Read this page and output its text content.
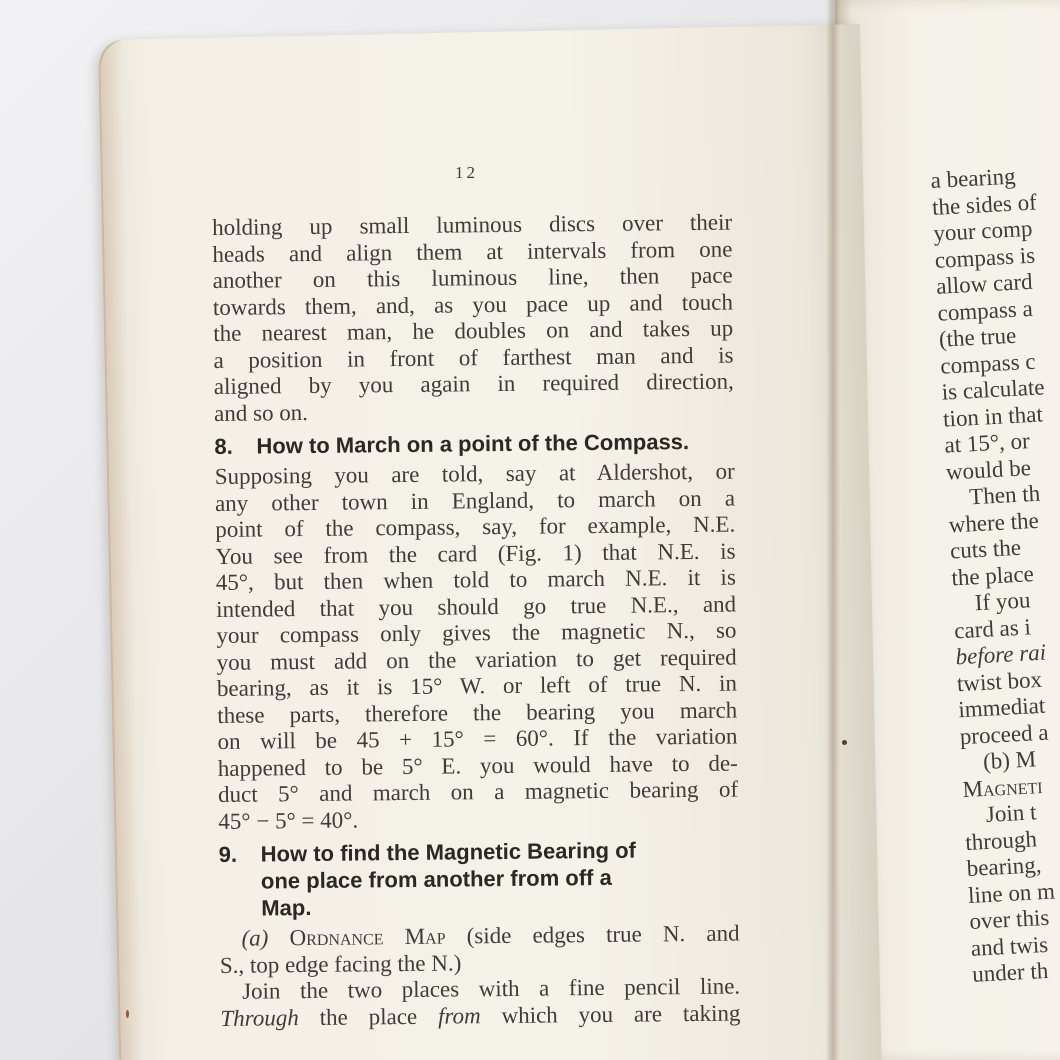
12
holding up small luminous discs over their
heads and align them at intervals from one
another on this luminous line, then pace
towards them, and, as you pace up and touch
the nearest man, he doubles on and takes up
a position in front of farthest man and is
aligned by you again in required direction,
and so on.
8. How to March on a point of the Compass.
Supposing you are told, say at Aldershot, or
any other town in England, to march on a
point of the compass, say, for example, N.E.
You see from the card (Fig. 1) that N.E. is
45°, but then when told to march N.E. it is
intended that you should go true N.E., and
your compass only gives the magnetic N., so
you must add on the variation to get required
bearing, as it is 15° W. or left of true N. in
these parts, therefore the bearing you march
on will be 45 + 15° = 60°. If the variation
happened to be 5° E. you would have to de-
duct 5° and march on a magnetic bearing of
45° − 5° = 40°.
9. How to find the Magnetic Bearing of
one place from another from off a
Map.
(a) Ordnance Map (side edges true N. and
S., top edge facing the N.)
Join the two places with a fine pencil line.
Through the place from which you are taking
a bearing
the sides of
your comp
compass is
allow card
compass a
(the true
compass c
is calculate
tion in that
at 15°, or
would be
Then th
where the
cuts the
the place
If you
card as i
before rai
twist box
immediat
proceed a
(b) M
Magneti
Join t
through
bearing,
line on m
over this
and twis
under th
